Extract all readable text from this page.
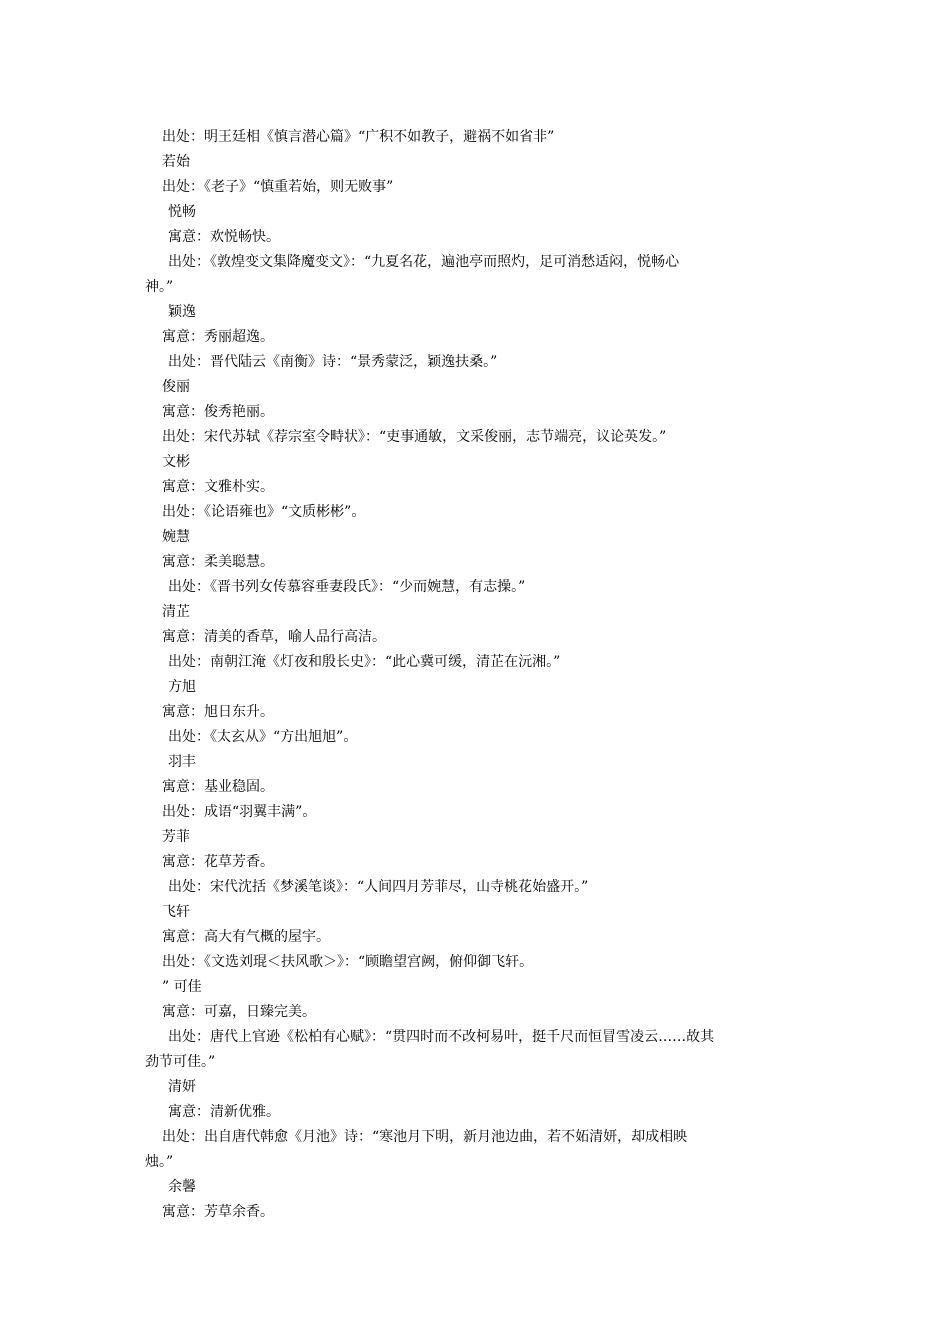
出处：明王廷相《慎言潜心篇》“广积不如教子，避祸不如省非”
若始
出处：《老子》“慎重若始，则无败事”
悦畅
寓意：欢悦畅快。
出处：《敦煌变文集降魔变文》：“九夏名花，遍池亭而照灼，足可消愁适闷，悦畅心
神。”
颖逸
寓意：秀丽超逸。
出处：晋代陆云《南衡》诗：“景秀蒙泛，颖逸扶桑。”
俊丽
寓意：俊秀艳丽。
出处：宋代苏轼《荐宗室令畤状》：“吏事通敏，文采俊丽，志节端亮，议论英发。”
文彬
寓意：文雅朴实。
出处：《论语雍也》“文质彬彬”。
婉慧
寓意：柔美聪慧。
出处：《晋书列女传慕容垂妻段氏》：“少而婉慧，有志操。”
清芷
寓意：清美的香草，喻人品行高洁。
出处：南朝江淹《灯夜和殷长史》：“此心冀可缓，清芷在沅湘。”
方旭
寓意：旭日东升。
出处：《太玄从》“方出旭旭”。
羽丰
寓意：基业稳固。
出处：成语“羽翼丰满”。
芳菲
寓意：花草芳香。
出处：宋代沈括《梦溪笔谈》：“人间四月芳菲尽，山寺桃花始盛开。”
飞轩
寓意：高大有气概的屋宇。
出处：《文选刘琨＜扶风歌＞》：“顾瞻望宫阙，俯仰御飞轩。
” 可佳
寓意：可嘉，日臻完美。
出处：唐代上官逊《松柏有心赋》：“贯四时而不改柯易叶，挺千尺而恒冒雪凌云……故其
劲节可佳。”
清妍
寓意：清新优雅。
出处：出自唐代韩愈《月池》诗：“寒池月下明，新月池边曲，若不妬清妍，却成相映
烛。”
余馨
寓意：芳草余香。
